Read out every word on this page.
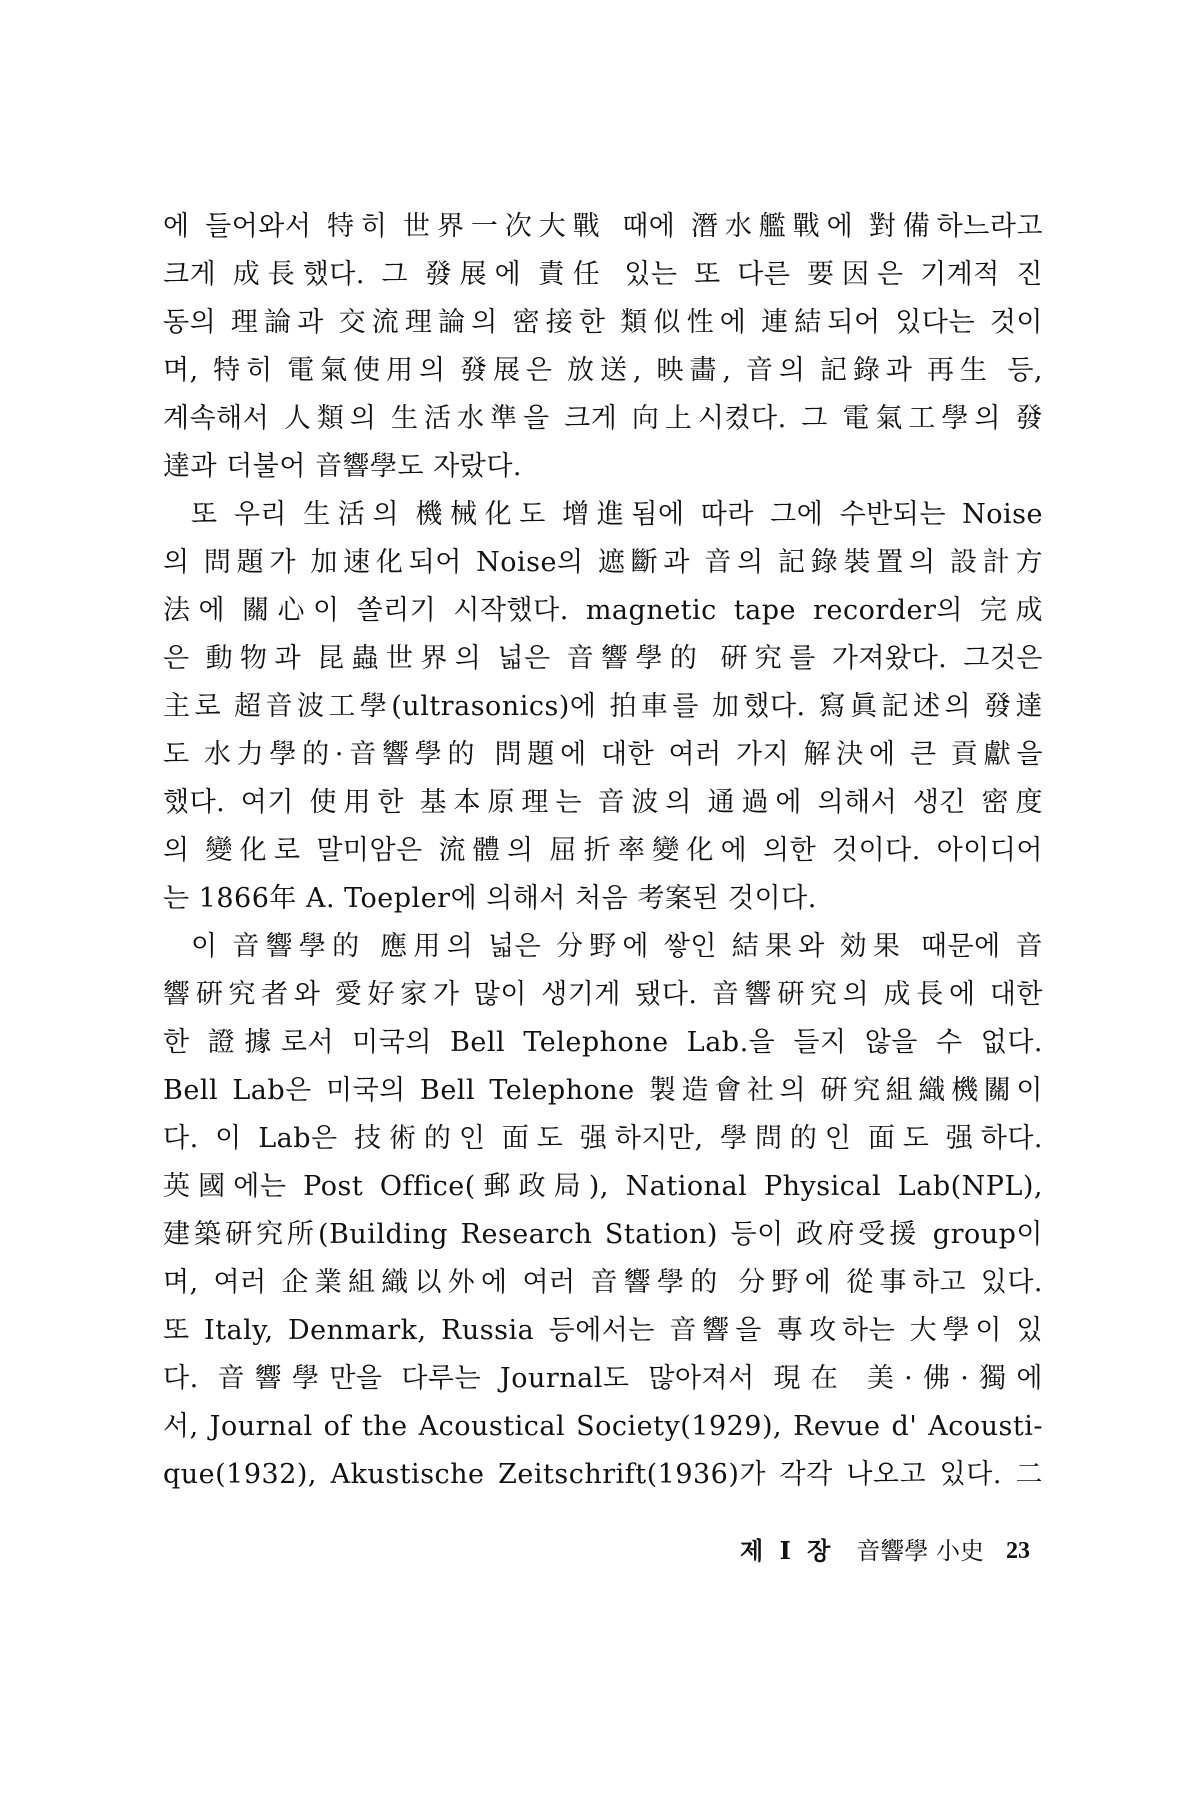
에 들어와서 特히 世界一次大戰 때에 潛水艦戰에 對備하느라고
크게 成長했다. 그 發展에 責任 있는 또 다른 要因은 기계적 진
동의 理論과 交流理論의 密接한 類似性에 連結되어 있다는 것이
며, 特히 電氣使用의 發展은 放送, 映畵, 音의 記錄과 再生 등,
계속해서 人類의 生活水準을 크게 向上시켰다. 그 電氣工學의 發
達과 더불어 音響學도 자랐다.
또 우리 生活의 機械化도 增進됨에 따라 그에 수반되는 Noise
의 問題가 加速化되어 Noise의 遮斷과 音의 記錄裝置의 設計方
法에 關心이 쏠리기 시작했다. magnetic tape recorder의 完成
은 動物과 昆蟲世界의 넓은 音響學的 硏究를 가져왔다. 그것은
主로 超音波工學(ultrasonics)에 拍車를 加했다. 寫眞記述의 發達
도 水力學的·音響學的 問題에 대한 여러 가지 解決에 큰 貢獻을
했다. 여기 使用한 基本原理는 音波의 通過에 의해서 생긴 密度
의 變化로 말미암은 流體의 屈折率變化에 의한 것이다. 아이디어
는 1866年 A. Toepler에 의해서 처음 考案된 것이다.
이 音響學的 應用의 넓은 分野에 쌓인 結果와 効果 때문에 音
響硏究者와 愛好家가 많이 생기게 됐다. 音響硏究의 成長에 대한
한 證據로서 미국의 Bell Telephone Lab.을 들지 않을 수 없다.
Bell Lab은 미국의 Bell Telephone 製造會社의 硏究組織機關이
다. 이 Lab은 技術的인 面도 强하지만, 學問的인 面도 强하다.
英國에는 Post Office(郵政局), National Physical Lab(NPL),
建築硏究所(Building Research Station) 등이 政府受援 group이
며, 여러 企業組織以外에 여러 音響學的 分野에 從事하고 있다.
또 Italy, Denmark, Russia 등에서는 音響을 專攻하는 大學이 있
다. 音響學만을 다루는 Journal도 많아져서 現在 美·佛·獨에
서, Journal of the Acoustical Society(1929), Revue d' Acousti-
que(1932), Akustische Zeitschrift(1936)가 각각 나오고 있다. 二
제 I 장 音響學 小史 23
